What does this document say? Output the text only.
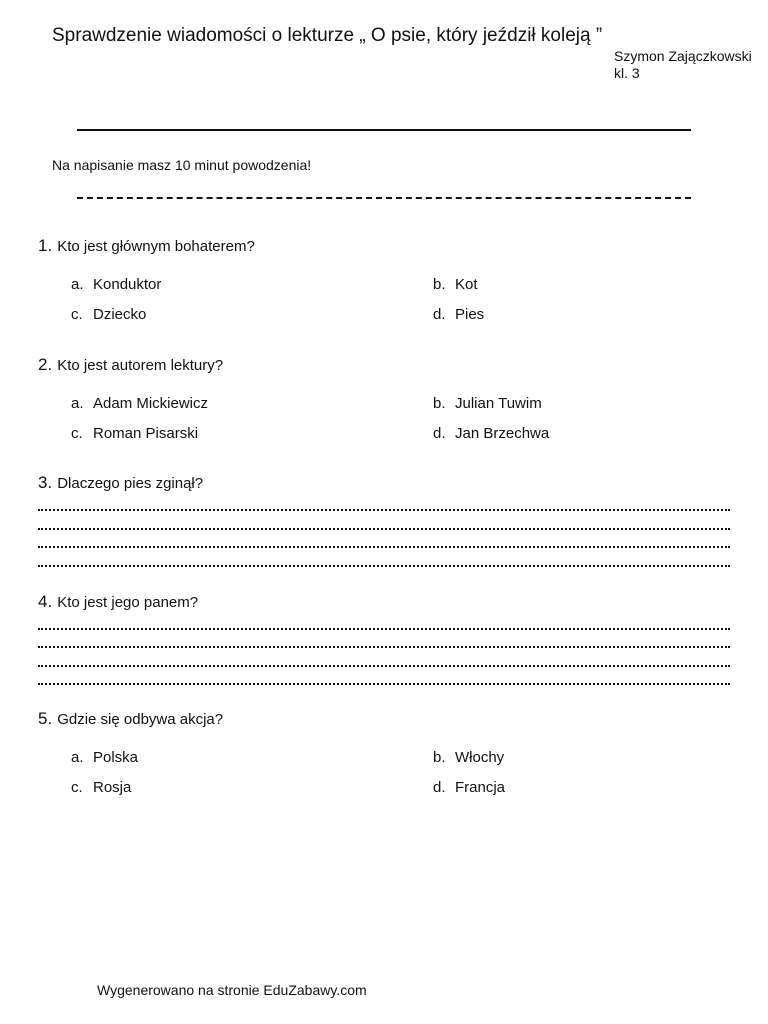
Sprawdzenie wiadomości o lekturze „ O psie, który jeździł koleją ”
Szymon Zajączkowski
kl. 3
Na napisanie masz 10 minut powodzenia!
1. Kto jest głównym bohaterem?
a. Konduktor	b. Kot
c. Dziecko	d. Pies
2. Kto jest autorem lektury?
a. Adam Mickiewicz	b. Julian Tuwim
c. Roman Pisarski	d. Jan Brzechwa
3. Dlaczego pies zginął?
4. Kto jest jego panem?
5. Gdzie się odbywa akcja?
a. Polska	b. Włochy
c. Rosja	d. Francja
Wygenerowano na stronie EduZabawy.com
